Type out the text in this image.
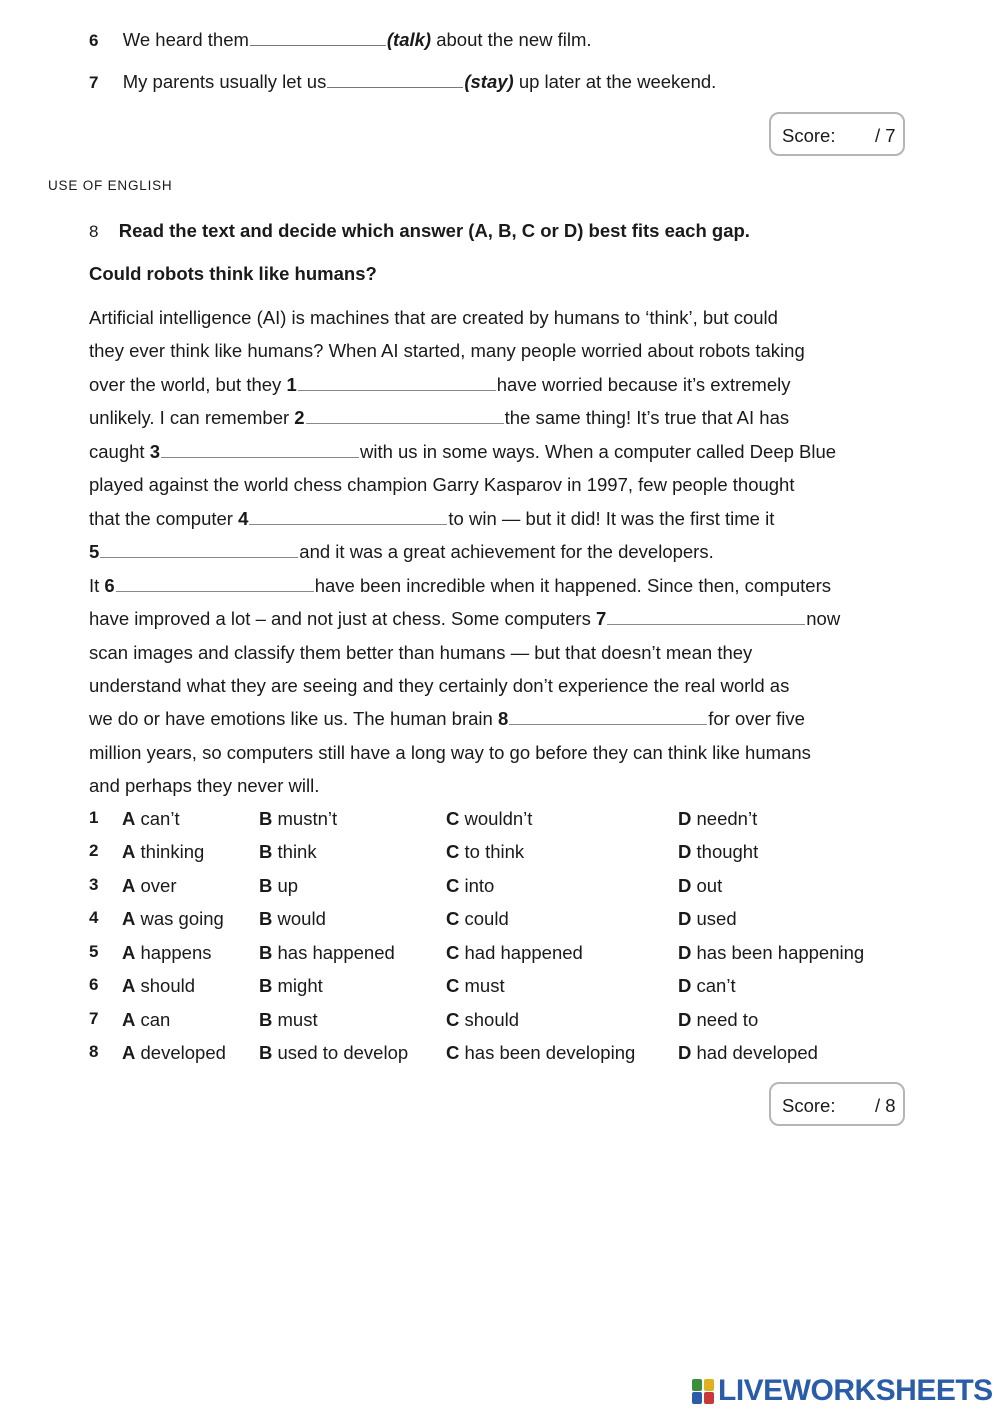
6 We heard them	(talk) about the new film.
7 My parents usually let us	(stay) up later at the weekend.
Score: / 7
USE OF ENGLISH
8 Read the text and decide which answer (A, B, C or D) best fits each gap.
Could robots think like humans?
Artificial intelligence (AI) is machines that are created by humans to ‘think’, but could
they ever think like humans? When AI started, many people worried about robots taking
over the world, but they 1	have worried because it’s extremely
unlikely. I can remember 2	the same thing! It’s true that AI has
caught 3	with us in some ways. When a computer called Deep Blue
played against the world chess champion Garry Kasparov in 1997, few people thought
that the computer 4	to win — but it did! It was the first time it
5	and it was a great achievement for the developers.
It 6	have been incredible when it happened. Since then, computers
have improved a lot – and not just at chess. Some computers 7	now
scan images and classify them better than humans — but that doesn’t mean they
understand what they are seeing and they certainly don’t experience the real world as
we do or have emotions like us. The human brain 8	for over five
million years, so computers still have a long way to go before they can think like humans
and perhaps they never will.
1 A can’t	B mustn’t	C wouldn’t	D needn’t
2 A thinking	B think	C to think	D thought
3 A over	B up	C into	D out
4 A was going B would	C could	D used
5 A happens	B has happened	C had happened	D has been happening
6 A should	B might	C must	D can’t
7 A can	B must	C should	D need to
8 A developed B used to develop C has been developing D had developed
Score: / 8
LIVEWORKSHEETS
